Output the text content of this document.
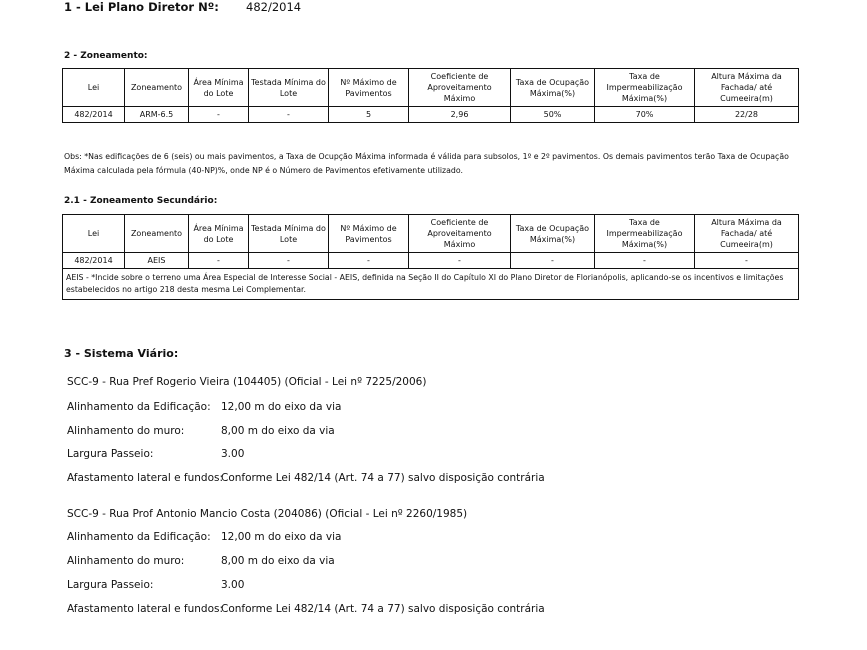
1 - Lei Plano Diretor Nº: 482/2014
2 - Zoneamento:
Lei	Zoneamento	Área Mínima do Lote	Testada Mínima do Lote	Nº Máximo de Pavimentos	Coeficiente de Aproveitamento Máximo	Taxa de Ocupação Máxima(%)	Taxa de Impermeabilização Máxima(%)	Altura Máxima da Fachada/ até Cumeeira(m)
482/2014	ARM-6.5	-	-	5	2,96	50%	70%	22/28
Obs: *Nas edificações de 6 (seis) ou mais pavimentos, a Taxa de Ocupção Máxima informada é válida para subsolos, 1º e 2º pavimentos. Os demais pavimentos terão Taxa de Ocupação Máxima calculada pela fórmula (40-NP)%, onde NP é o Número de Pavimentos efetivamente utilizado.
2.1 - Zoneamento Secundário:
Lei	Zoneamento	Área Mínima do Lote	Testada Mínima do Lote	Nº Máximo de Pavimentos	Coeficiente de Aproveitamento Máximo	Taxa de Ocupação Máxima(%)	Taxa de Impermeabilização Máxima(%)	Altura Máxima da Fachada/ até Cumeeira(m)
482/2014	AEIS	-	-	-	-	-	-	-
AEIS - *Incide sobre o terreno uma Área Especial de Interesse Social - AEIS, definida na Seção II do Capítulo XI do Plano Diretor de Florianópolis, aplicando-se os incentivos e limitações estabelecidos no artigo 218 desta mesma Lei Complementar.								
3 - Sistema Viário:
SCC-9 - Rua Pref Rogerio Vieira (104405) (Oficial - Lei nº 7225/2006)
Alinhamento da Edificação: 12,00 m do eixo da via
Alinhamento do muro:	8,00 m do eixo da via
Largura Passeio:	3.00
Afastamento lateral e fundos:
Conforme Lei 482/14 (Art. 74 a 77) salvo disposição contrária
SCC-9 - Rua Prof Antonio Mancio Costa (204086) (Oficial - Lei nº 2260/1985)
Alinhamento da Edificação: 12,00 m do eixo da via
Alinhamento do muro:	8,00 m do eixo da via
Largura Passeio:	3.00
Afastamento lateral e fundos:
Conforme Lei 482/14 (Art. 74 a 77) salvo disposição contrária
